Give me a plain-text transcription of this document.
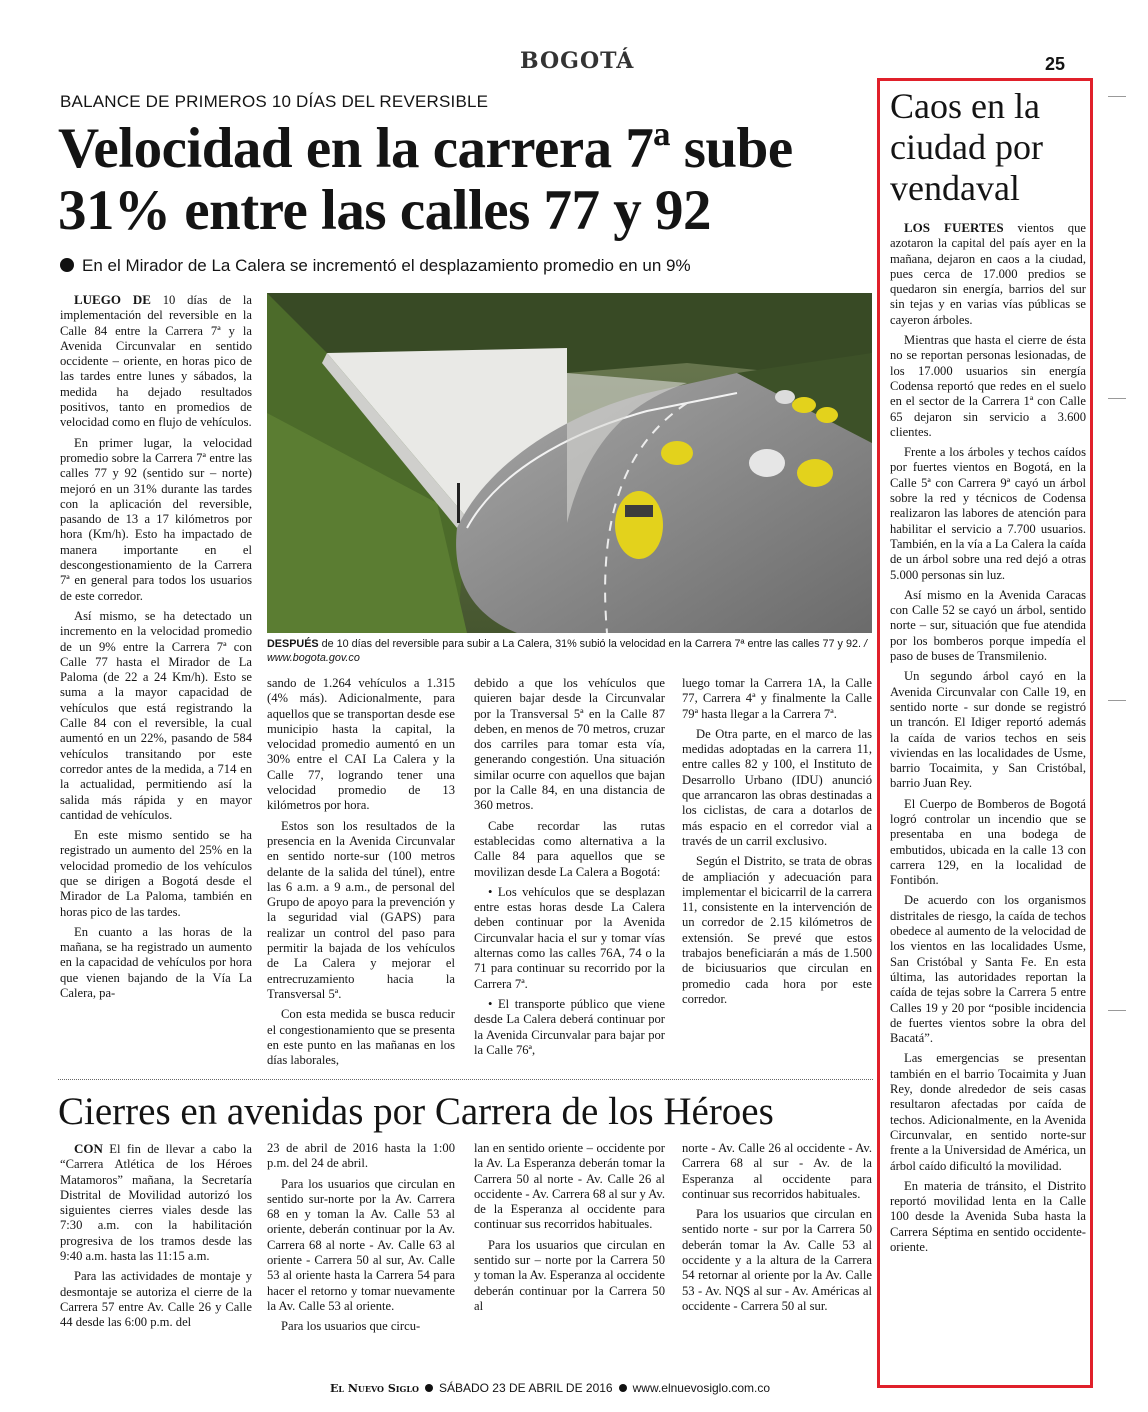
BOGOTÁ	25
BALANCE DE PRIMEROS 10 DÍAS DEL REVERSIBLE
Velocidad en la carrera 7ª sube 31% entre las calles 77 y 92
En el Mirador de La Calera se incrementó el desplazamiento promedio en un 9%

LUEGO DE 10 días de la implementación del reversible en la Calle 84 entre la Carrera 7ª y la Avenida Circunvalar en sentido occidente – oriente, en horas pico de las tardes entre lunes y sábados, la medida ha dejado resultados positivos, tanto en promedios de velocidad como en flujo de vehículos.

En primer lugar, la velocidad promedio sobre la Carrera 7ª entre las calles 77 y 92 (sentido sur – norte) mejoró en un 31% durante las tardes con la aplicación del reversible, pasando de 13 a 17 kilómetros por hora (Km/h). Esto ha impactado de manera importante en el descongestionamiento de la Carrera 7ª en general para todos los usuarios de este corredor.

Así mismo, se ha detectado un incremento en la velocidad promedio de un 9% entre la Carrera 7ª con Calle 77 hasta el Mirador de La Paloma (de 22 a 24 Km/h). Esto se suma a la mayor capacidad de vehículos que está registrando la Calle 84 con el reversible, la cual aumentó en un 22%, pasando de 584 vehículos transitando por este corredor antes de la medida, a 714 en la actualidad, permitiendo así la salida más rápida y en mayor cantidad de vehículos.

En este mismo sentido se ha registrado un aumento del 25% en la velocidad promedio de los vehículos que se dirigen a Bogotá desde el Mirador de La Paloma, también en horas pico de las tardes.

En cuanto a las horas de la mañana, se ha registrado un aumento en la capacidad de vehículos por hora que vienen bajando de la Vía La Calera, pa-

DESPUÉS de 10 días del reversible para subir a La Calera, 31% subió la velocidad en la Carrera 7ª entre las calles 77 y 92. / www.bogota.gov.co

sando de 1.264 vehículos a 1.315 (4% más). Adicionalmente, para aquellos que se transportan desde ese municipio hasta la capital, la velocidad promedio aumentó en un 30% entre el CAI La Calera y la Calle 77, logrando tener una velocidad promedio de 13 kilómetros por hora.

Estos son los resultados de la presencia en la Avenida Circunvalar en sentido norte-sur (100 metros delante de la salida del túnel), entre las 6 a.m. a 9 a.m., de personal del Grupo de apoyo para la prevención y la seguridad vial (GAPS) para realizar un control del paso para permitir la bajada de los vehículos de La Calera y mejorar el entrecruzamiento hacia la Transversal 5ª.

Con esta medida se busca reducir el congestionamiento que se presenta en este punto en las mañanas en los días laborales,

debido a que los vehículos que quieren bajar desde la Circunvalar por la Transversal 5ª en la Calle 87 deben, en menos de 70 metros, cruzar dos carriles para tomar esta vía, generando congestión. Una situación similar ocurre con aquellos que bajan por la Calle 84, en una distancia de 360 metros.

Cabe recordar las rutas establecidas como alternativa a la Calle 84 para aquellos que se movilizan desde La Calera a Bogotá:

• Los vehículos que se desplazan entre estas horas desde La Calera deben continuar por la Avenida Circunvalar hacia el sur y tomar vías alternas como las calles 76A, 74 o la 71 para continuar su recorrido por la Carrera 7ª.

• El transporte público que viene desde La Calera deberá continuar por la Avenida Circunvalar para bajar por la Calle 76ª,

luego tomar la Carrera 1A, la Calle 77, Carrera 4ª y finalmente la Calle 79ª hasta llegar a la Carrera 7ª.

De Otra parte, en el marco de las medidas adoptadas en la carrera 11, entre calles 82 y 100, el Instituto de Desarrollo Urbano (IDU) anunció que arrancaron las obras destinadas a los ciclistas, de cara a dotarlos de más espacio en el corredor vial a través de un carril exclusivo.

Según el Distrito, se trata de obras de ampliación y adecuación para implementar el bicicarril de la carrera 11, consistente en la intervención de un corredor de 2.15 kilómetros de extensión. Se prevé que estos trabajos beneficiarán a más de 1.500 de biciusuarios que circulan en promedio cada hora por este corredor.

Cierres en avenidas por Carrera de los Héroes

CON El fin de llevar a cabo la “Carrera Atlética de los Héroes Matamoros” mañana, la Secretaría Distrital de Movilidad autorizó los siguientes cierres viales desde las 7:30 a.m. con la habilitación progresiva de los tramos desde las 9:40 a.m. hasta las 11:15 a.m.

Para las actividades de montaje y desmontaje se autoriza el cierre de la Carrera 57 entre Av. Calle 26 y Calle 44 desde las 6:00 p.m. del

23 de abril de 2016 hasta la 1:00 p.m. del 24 de abril.

Para los usuarios que circulan en sentido sur-norte por la Av. Carrera 68 en y toman la Av. Calle 53 al oriente, deberán continuar por la Av. Carrera 68 al norte - Av. Calle 63 al oriente - Carrera 50 al sur, Av. Calle 53 al oriente hasta la Carrera 54 para hacer el retorno y tomar nuevamente la Av. Calle 53 al oriente.

Para los usuarios que circu-

lan en sentido oriente – occidente por la Av. La Esperanza deberán tomar la Carrera 50 al norte - Av. Calle 26 al occidente - Av. Carrera 68 al sur y Av. de la Esperanza al occidente para continuar sus recorridos habituales.

Para los usuarios que circulan en sentido sur – norte por la Carrera 50 y toman la Av. Esperanza al occidente deberán continuar por la Carrera 50 al

norte - Av. Calle 26 al occidente - Av. Carrera 68 al sur - Av. de la Esperanza al occidente para continuar sus recorridos habituales.

Para los usuarios que circulan en sentido norte - sur por la Carrera 50 deberán tomar la Av. Calle 53 al occidente y a la altura de la Carrera 54 retornar al oriente por la Av. Calle 53 - Av. NQS al sur - Av. Américas al occidente - Carrera 50 al sur.

Caos en la ciudad por vendaval

LOS FUERTES vientos que azotaron la capital del país ayer en la mañana, dejaron en caos a la ciudad, pues cerca de 17.000 predios se quedaron sin energía, barrios del sur sin tejas y en varias vías públicas se cayeron árboles.

Mientras que hasta el cierre de ésta no se reportan personas lesionadas, de los 17.000 usuarios sin energía Codensa reportó que redes en el suelo en el sector de la Carrera 1ª con Calle 65 dejaron sin servicio a 3.600 clientes.

Frente a los árboles y techos caídos por fuertes vientos en Bogotá, en la Calle 5ª con Carrera 9ª cayó un árbol sobre la red y técnicos de Codensa realizaron las labores de atención para habilitar el servicio a 7.700 usuarios. También, en la vía a La Calera la caída de un árbol sobre una red dejó a otras 5.000 personas sin luz.

Así mismo en la Avenida Caracas con Calle 52 se cayó un árbol, sentido norte – sur, situación que fue atendida por los bomberos porque impedía el paso de buses de Transmilenio.

Un segundo árbol cayó en la Avenida Circunvalar con Calle 19, en sentido norte - sur donde se registró un trancón. El Idiger reportó además la caída de varios techos en seis viviendas en las localidades de Usme, barrio Tocaimita, y San Cristóbal, barrio Juan Rey.

El Cuerpo de Bomberos de Bogotá logró controlar un incendio que se presentaba en una bodega de embutidos, ubicada en la calle 13 con carrera 129, en la localidad de Fontibón.

De acuerdo con los organismos distritales de riesgo, la caída de techos obedece al aumento de la velocidad de los vientos en las localidades Usme, San Cristóbal y Santa Fe. En esta última, las autoridades reportan la caída de tejas sobre la Carrera 5 entre Calles 19 y 20 por “posible incidencia de fuertes vientos sobre la obra del Bacatá”.

Las emergencias se presentan también en el barrio Tocaimita y Juan Rey, donde alrededor de seis casas resultaron afectadas por caída de techos. Adicionalmente, en la Avenida Circunvalar, en sentido norte-sur frente a la Universidad de América, un árbol caído dificultó la movilidad.

En materia de tránsito, el Distrito reportó movilidad lenta en la Calle 100 desde la Avenida Suba hasta la Carrera Séptima en sentido occidente-oriente.

El Nuevo Siglo SÁBADO 23 DE ABRIL DE 2016 www.elnuevosiglo.com.co
